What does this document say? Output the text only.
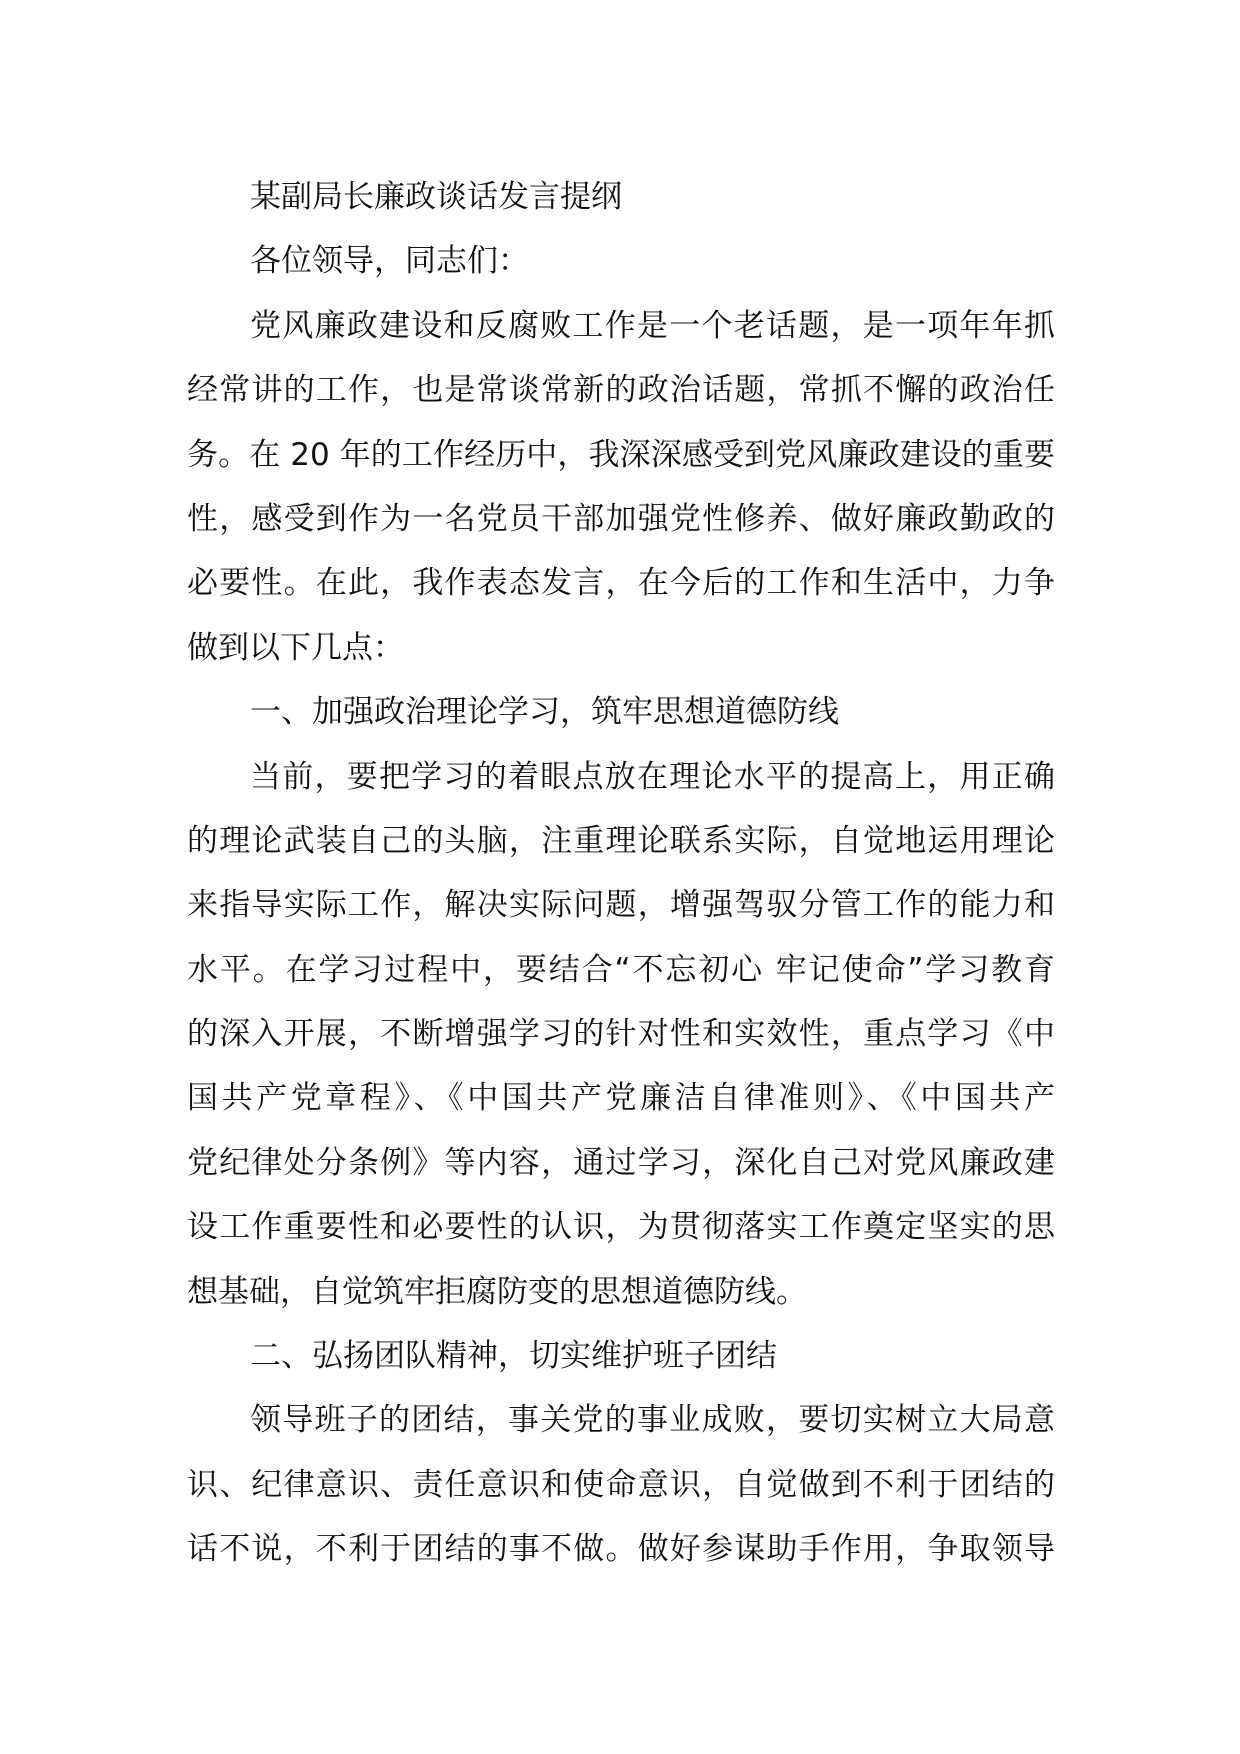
某副局长廉政谈话发言提纲
各位领导，同志们：
党风廉政建设和反腐败工作是一个老话题，是一项年年抓
经常讲的工作，也是常谈常新的政治话题，常抓不懈的政治任
务。在 20 年的工作经历中，我深深感受到党风廉政建设的重要
性，感受到作为一名党员干部加强党性修养、做好廉政勤政的
必要性。在此，我作表态发言，在今后的工作和生活中，力争
做到以下几点：
一、加强政治理论学习，筑牢思想道德防线
当前，要把学习的着眼点放在理论水平的提高上，用正确
的理论武装自己的头脑，注重理论联系实际，自觉地运用理论
来指导实际工作，解决实际问题，增强驾驭分管工作的能力和
水平。在学习过程中，要结合“不忘初心 牢记使命”学习教育
的深入开展，不断增强学习的针对性和实效性，重点学习《中
国共产党章程》、《中国共产党廉洁自律准则》、《中国共产
党纪律处分条例》等内容，通过学习，深化自己对党风廉政建
设工作重要性和必要性的认识，为贯彻落实工作奠定坚实的思
想基础，自觉筑牢拒腐防变的思想道德防线。
二、弘扬团队精神，切实维护班子团结
领导班子的团结，事关党的事业成败，要切实树立大局意
识、纪律意识、责任意识和使命意识，自觉做到不利于团结的
话不说，不利于团结的事不做。做好参谋助手作用，争取领导
